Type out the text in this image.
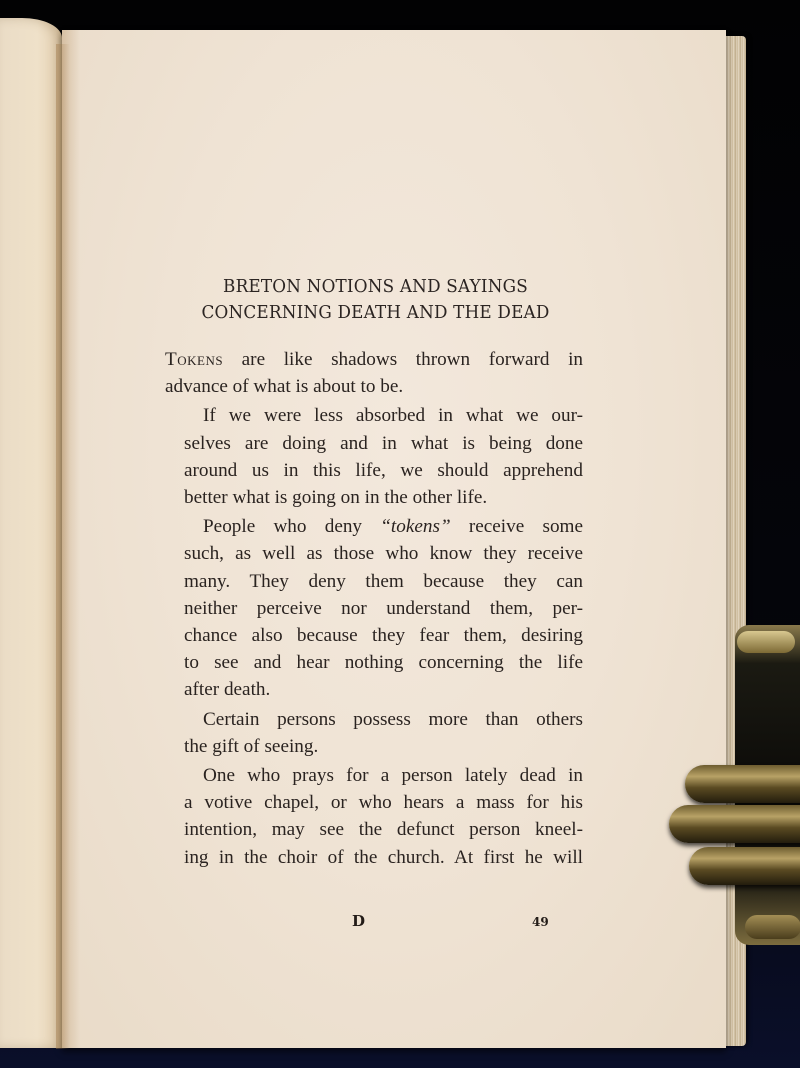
BRETON NOTIONS AND SAYINGS
CONCERNING DEATH AND THE DEAD
Tokens are like shadows thrown forward in
advance of what is about to be.
If we were less absorbed in what we our-
selves are doing and in what is being done
around us in this life, we should apprehend
better what is going on in the other life.
People who deny “tokens” receive some
such, as well as those who know they receive
many. They deny them because they can
neither perceive nor understand them, per-
chance also because they fear them, desiring
to see and hear nothing concerning the life
after death.
Certain persons possess more than others
the gift of seeing.
One who prays for a person lately dead in
a votive chapel, or who hears a mass for his
intention, may see the defunct person kneel-
ing in the choir of the church. At first he will
D	49
